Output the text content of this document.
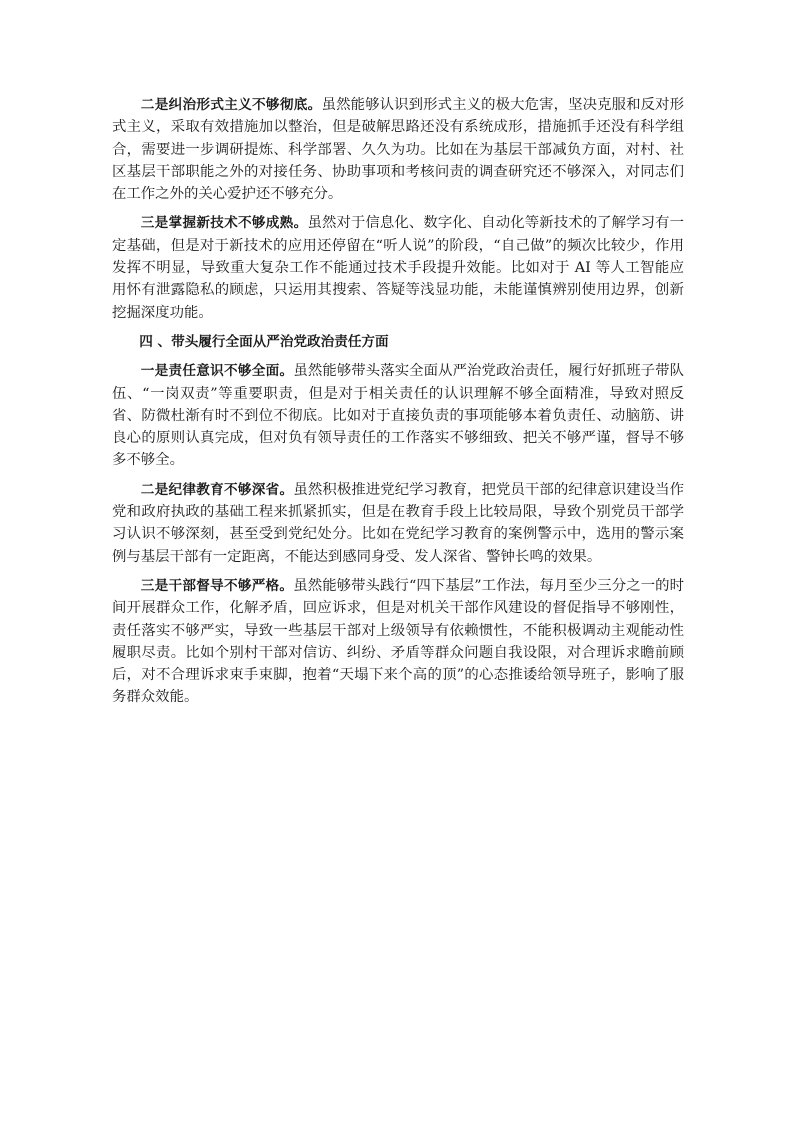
二是纠治形式主义不够彻底。虽然能够认识到形式主义的极大危害，坚决克服和反对形式主义，采取有效措施加以整治，但是破解思路还没有系统成形，措施抓手还没有科学组合，需要进一步调研提炼、科学部署、久久为功。比如在为基层干部减负方面，对村、社区基层干部职能之外的对接任务、协助事项和考核问责的调查研究还不够深入，对同志们在工作之外的关心爱护还不够充分。

三是掌握新技术不够成熟。虽然对于信息化、数字化、自动化等新技术的了解学习有一定基础，但是对于新技术的应用还停留在“听人说”的阶段，“自己做”的频次比较少，作用发挥不明显，导致重大复杂工作不能通过技术手段提升效能。比如对于 AI 等人工智能应用怀有泄露隐私的顾虑，只运用其搜索、答疑等浅显功能，未能谨慎辨别使用边界，创新挖掘深度功能。

四 、带头履行全面从严治党政治责任方面

一是责任意识不够全面。虽然能够带头落实全面从严治党政治责任，履行好抓班子带队伍、“一岗双责”等重要职责，但是对于相关责任的认识理解不够全面精准，导致对照反省、防微杜渐有时不到位不彻底。比如对于直接负责的事项能够本着负责任、动脑筋、讲良心的原则认真完成，但对负有领导责任的工作落实不够细致、把关不够严谨，督导不够多不够全。

二是纪律教育不够深省。虽然积极推进党纪学习教育，把党员干部的纪律意识建设当作党和政府执政的基础工程来抓紧抓实，但是在教育手段上比较局限，导致个别党员干部学习认识不够深刻，甚至受到党纪处分。比如在党纪学习教育的案例警示中，选用的警示案例与基层干部有一定距离，不能达到感同身受、发人深省、警钟长鸣的效果。

三是干部督导不够严格。虽然能够带头践行“四下基层”工作法，每月至少三分之一的时间开展群众工作，化解矛盾，回应诉求，但是对机关干部作风建设的督促指导不够刚性，责任落实不够严实，导致一些基层干部对上级领导有依赖惯性，不能积极调动主观能动性履职尽责。比如个别村干部对信访、纠纷、矛盾等群众问题自我设限，对合理诉求瞻前顾后，对不合理诉求束手束脚，抱着“天塌下来个高的顶”的心态推诿给领导班子，影响了服务群众效能。
